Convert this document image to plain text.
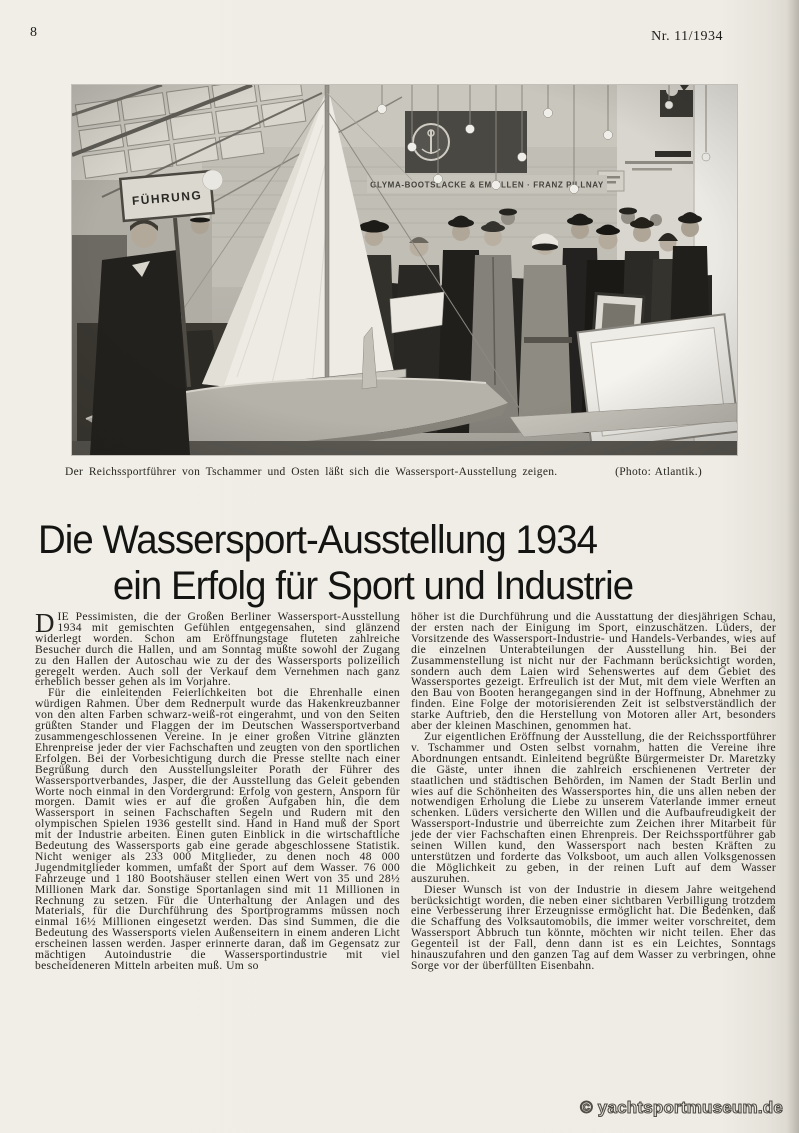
8	Nr. 11/1934
Der Reichssportführer von Tschammer und Osten läßt sich die Wassersport-Ausstellung zeigen.	(Photo: Atlantik.)
Die Wassersport-Ausstellung 1934
ein Erfolg für Sport und Industrie

DIE Pessimisten, die der Großen Berliner Wassersport-Ausstellung 1934 mit gemischten Gefühlen entgegensahen, sind glänzend widerlegt worden. Schon am Eröffnungstage fluteten zahlreiche Besucher durch die Hallen, und am Sonntag mußte sowohl der Zugang zu den Hallen der Autoschau wie zu der des Wassersports polizeilich geregelt werden. Auch soll der Verkauf dem Vernehmen nach ganz erheblich besser gehen als im Vorjahre.

Für die einleitenden Feierlichkeiten bot die Ehrenhalle einen würdigen Rahmen. Über dem Rednerpult wurde das Hakenkreuzbanner von den alten Farben schwarz-weiß-rot eingerahmt, und von den Seiten grüßten Stander und Flaggen der im Deutschen Wassersportverband zusammengeschlossenen Vereine. In je einer großen Vitrine glänzten Ehrenpreise jeder der vier Fachschaften und zeugten von den sportlichen Erfolgen. Bei der Vorbesichtigung durch die Presse stellte nach einer Begrüßung durch den Ausstellungsleiter Porath der Führer des Wassersportverbandes, Jasper, die der Ausstellung das Geleit gebenden Worte noch einmal in den Vordergrund: Erfolg von gestern, Ansporn für morgen. Damit wies er auf die großen Aufgaben hin, die dem Wassersport in seinen Fachschaften Segeln und Rudern mit den olympischen Spielen 1936 gestellt sind. Hand in Hand muß der Sport mit der Industrie arbeiten. Einen guten Einblick in die wirtschaftliche Bedeutung des Wassersports gab eine gerade abgeschlossene Statistik. Nicht weniger als 233 000 Mitglieder, zu denen noch 48 000 Jugendmitglieder kommen, umfaßt der Sport auf dem Wasser. 76 000 Fahrzeuge und 1 180 Bootshäuser stellen einen Wert von 35 und 28½ Millionen Mark dar. Sonstige Sportanlagen sind mit 11 Millionen in Rechnung zu setzen. Für die Unterhaltung der Anlagen und des Materials, für die Durchführung des Sportprogramms müssen noch einmal 16½ Millionen eingesetzt werden. Das sind Summen, die die Bedeutung des Wassersports vielen Außenseitern in einem anderen Licht erscheinen lassen werden. Jasper erinnerte daran, daß im Gegensatz zur mächtigen Autoindustrie die Wassersportindustrie mit viel bescheideneren Mitteln arbeiten muß. Um so

höher ist die Durchführung und die Ausstattung der diesjährigen Schau, der ersten nach der Einigung im Sport, einzuschätzen. Lüders, der Vorsitzende des Wassersport-Industrie- und Handels-Verbandes, wies auf die einzelnen Unterabteilungen der Ausstellung hin. Bei der Zusammenstellung ist nicht nur der Fachmann berücksichtigt worden, sondern auch dem Laien wird Sehenswertes auf dem Gebiet des Wassersportes gezeigt. Erfreulich ist der Mut, mit dem viele Werften an den Bau von Booten herangegangen sind in der Hoffnung, Abnehmer zu finden. Eine Folge der motorisierenden Zeit ist selbstverständlich der starke Auftrieb, den die Herstellung von Motoren aller Art, besonders aber der kleinen Maschinen, genommen hat.

Zur eigentlichen Eröffnung der Ausstellung, die der Reichssportführer v. Tschammer und Osten selbst vornahm, hatten die Vereine ihre Abordnungen entsandt. Einleitend begrüßte Bürgermeister Dr. Maretzky die Gäste, unter ihnen die zahlreich erschienenen Vertreter der staatlichen und städtischen Behörden, im Namen der Stadt Berlin und wies auf die Schönheiten des Wassersportes hin, die uns allen neben der notwendigen Erholung die Liebe zu unserem Vaterlande immer erneut schenken. Lüders versicherte den Willen und die Aufbaufreudigkeit der Wassersport-Industrie und überreichte zum Zeichen ihrer Mitarbeit für jede der vier Fachschaften einen Ehrenpreis. Der Reichssportführer gab seinen Willen kund, den Wassersport nach besten Kräften zu unterstützen und forderte das Volksboot, um auch allen Volksgenossen die Möglichkeit zu geben, in der reinen Luft auf dem Wasser auszuruhen.

Dieser Wunsch ist von der Industrie in diesem Jahre weitgehend berücksichtigt worden, die neben einer sichtbaren Verbilligung trotzdem eine Verbesserung ihrer Erzeugnisse ermöglicht hat. Die Bedenken, daß die Schaffung des Volksautomobils, die immer weiter vorschreitet, dem Wassersport Abbruch tun könnte, möchten wir nicht teilen. Eher das Gegenteil ist der Fall, denn dann ist es ein Leichtes, Sonntags hinauszufahren und den ganzen Tag auf dem Wasser zu verbringen, ohne Sorge vor der überfüllten Eisenbahn.

© yachtsportmuseum.de
